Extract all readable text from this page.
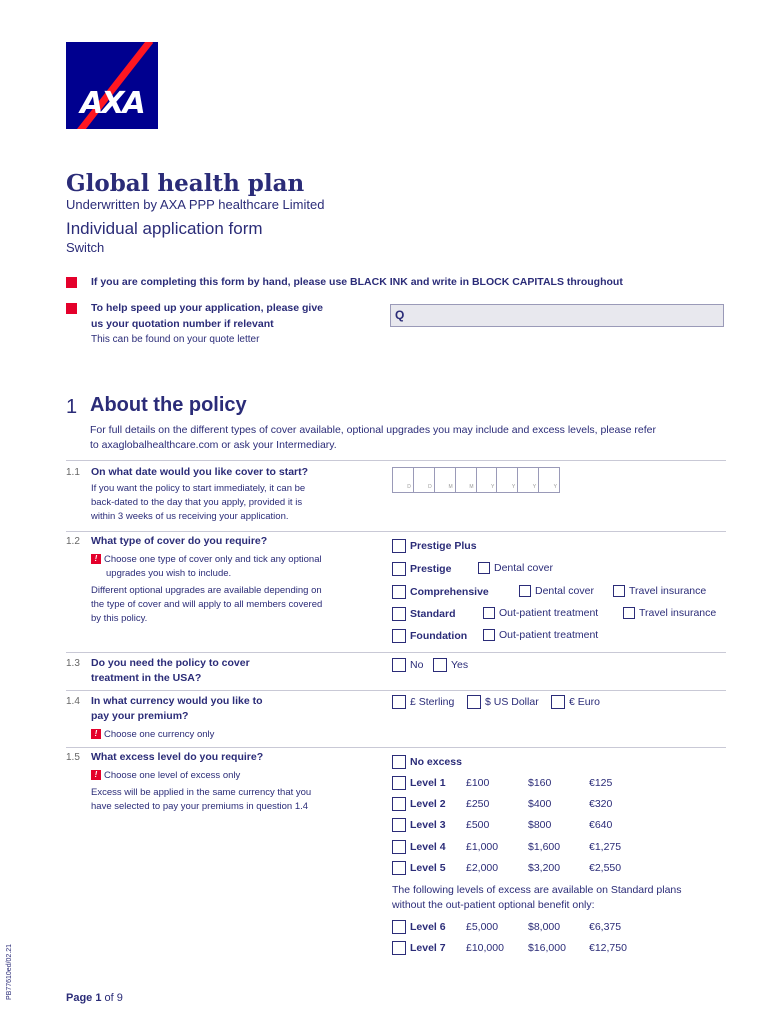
AXA
Global health plan
Underwritten by AXA PPP healthcare Limited
Individual application form
Switch
If you are completing this form by hand, please use BLACK INK and write in BLOCK CAPITALS throughout
To help speed up your application, please give
us your quotation number if relevant
This can be found on your quote letter
Q
1 About the policy
For full details on the different types of cover available, optional upgrades you may include and excess levels, please refer
to axaglobalhealthcare.com or ask your Intermediary.
1.1 On what date would you like cover to start?
If you want the policy to start immediately, it can be
back-dated to the day that you apply, provided it is
within 3 weeks of us receiving your application.
D	D	M	M	Y	Y	Y	Y
1.2 What type of cover do you require?
! Choose one type of cover only and tick any optional
upgrades you wish to include.
Different optional upgrades are available depending on
the type of cover and will apply to all members covered
by this policy.
Prestige Plus
Prestige	Dental cover
Comprehensive	Dental cover	Travel insurance
Standard	Out-patient treatment	Travel insurance
Foundation	Out-patient treatment
1.3 Do you need the policy to cover
treatment in the USA?
No	Yes
1.4 In what currency would you like to
pay your premium?
! Choose one currency only
£ Sterling	$ US Dollar	€ Euro
1.5 What excess level do you require?
! Choose one level of excess only
Excess will be applied in the same currency that you
have selected to pay your premiums in question 1.4
No excess
Level 1 £100	$160	€125
Level 2 £250	$400	€320
Level 3 £500	$800	€640
Level 4 £1,000	$1,600	€1,275
Level 5 £2,000	$3,200	€2,550
The following levels of excess are available on Standard plans
without the out-patient optional benefit only:
Level 6 £5,000	$8,000	€6,375
Level 7 £10,000 $16,000 €12,750
Page 1 of 9
PB77610ed/02.21
